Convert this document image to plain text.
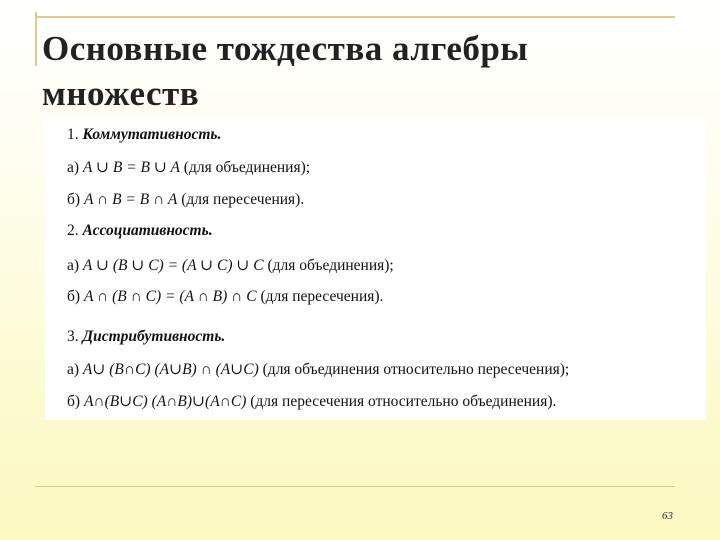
Основные тождества алгебры
множеств
1. Коммутативность.
а) A ∪ B = B ∪ A (для объединения);
б) A ∩ B = B ∩ A (для пересечения).
2. Ассоциативность.
а) A ∪ (B ∪ C) = (A ∪ C) ∪ C (для объединения);
б) A ∩ (B ∩ C) = (A ∩ B) ∩ C (для пересечения).
3. Дистрибутивность.
а) A∪ (B∩C) (A∪B) ∩ (A∪C) (для объединения относительно пересечения);
б) A∩(B∪C) (A∩B)∪(A∩C) (для пересечения относительно объединения).
63
